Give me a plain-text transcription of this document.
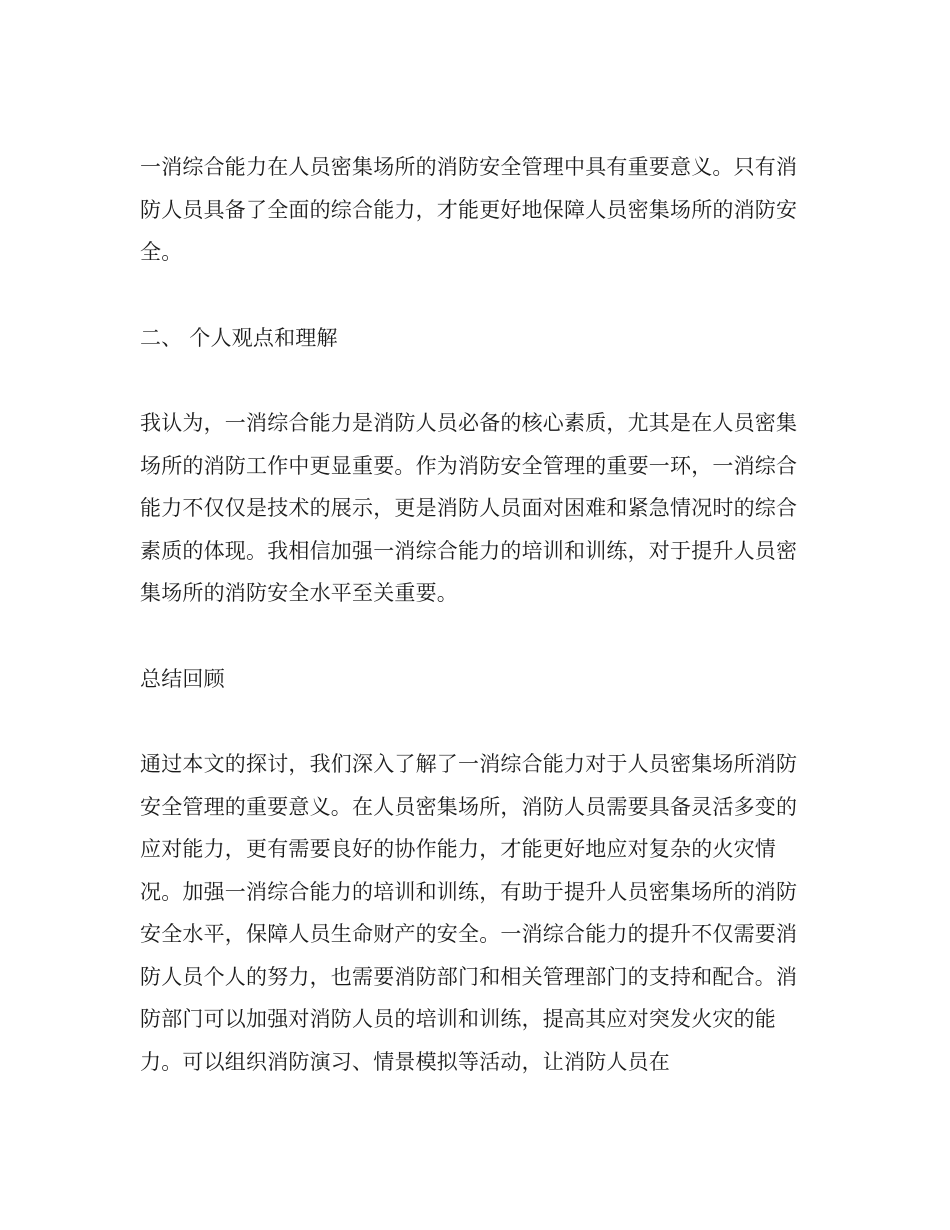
一消综合能力在人员密集场所的消防安全管理中具有重要意义。只有消防人员具备了全面的综合能力，才能更好地保障人员密集场所的消防安全。

二、 个人观点和理解

我认为，一消综合能力是消防人员必备的核心素质，尤其是在人员密集场所的消防工作中更显重要。作为消防安全管理的重要一环，一消综合能力不仅仅是技术的展示，更是消防人员面对困难和紧急情况时的综合素质的体现。我相信加强一消综合能力的培训和训练，对于提升人员密集场所的消防安全水平至关重要。

总结回顾

通过本文的探讨，我们深入了解了一消综合能力对于人员密集场所消防安全管理的重要意义。在人员密集场所，消防人员需要具备灵活多变的应对能力，更有需要良好的协作能力，才能更好地应对复杂的火灾情况。加强一消综合能力的培训和训练，有助于提升人员密集场所的消防安全水平，保障人员生命财产的安全。一消综合能力的提升不仅需要消防人员个人的努力，也需要消防部门和相关管理部门的支持和配合。消防部门可以加强对消防人员的培训和训练，提高其应对突发火灾的能力。可以组织消防演习、情景模拟等活动，让消防人员在
